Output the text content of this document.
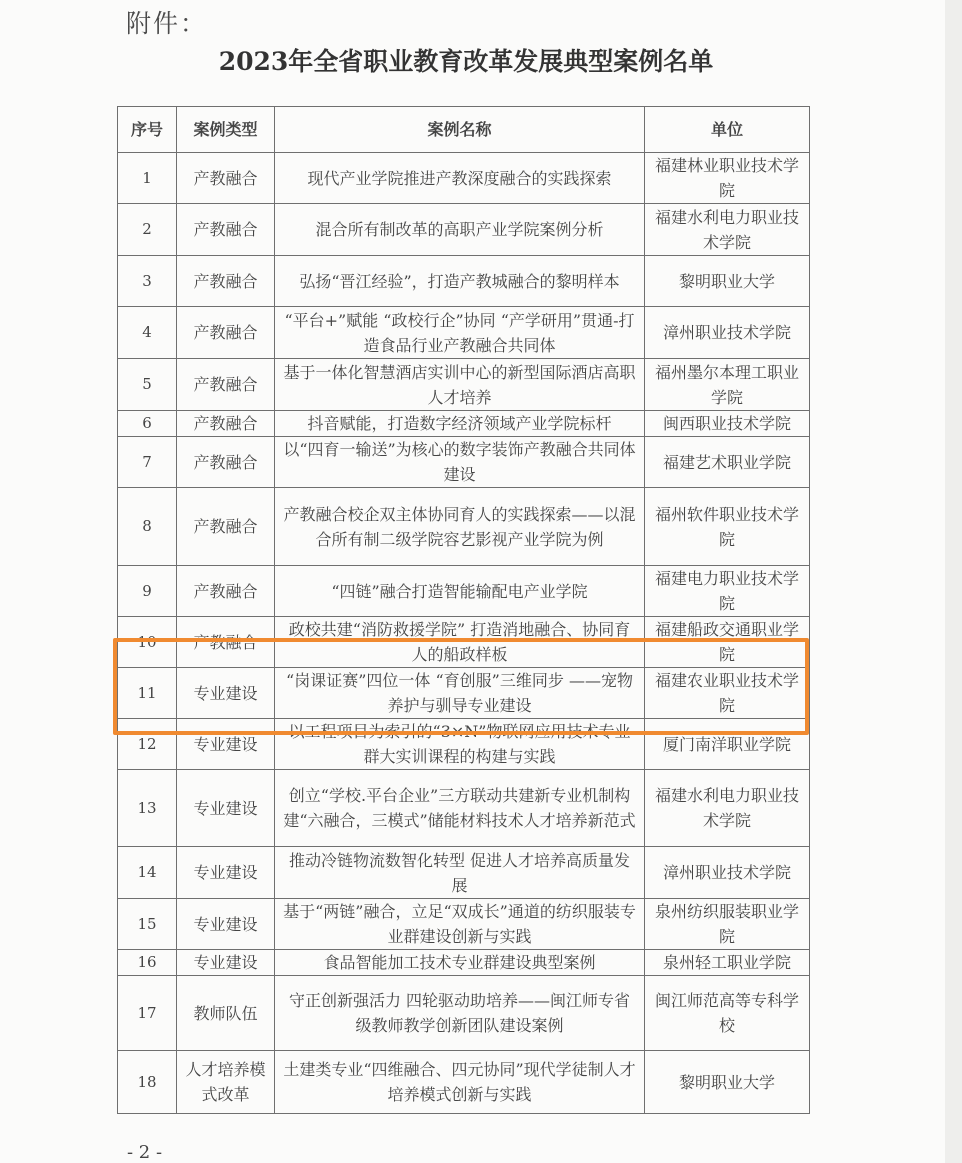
附件：
2023年全省职业教育改革发展典型案例名单
序号	案例类型	案例名称	单位
1	产教融合	现代产业学院推进产教深度融合的实践探索	福建林业职业技术学院
2	产教融合	混合所有制改革的高职产业学院案例分析	福建水利电力职业技术学院
3	产教融合	弘扬“晋江经验”，打造产教城融合的黎明样本	黎明职业大学
4	产教融合	“平台+”赋能 “政校行企”协同 “产学研用”贯通-打造食品行业产教融合共同体	漳州职业技术学院
5	产教融合	基于一体化智慧酒店实训中心的新型国际酒店高职人才培养	福州墨尔本理工职业学院
6	产教融合	抖音赋能，打造数字经济领域产业学院标杆	闽西职业技术学院
7	产教融合	以“四育一输送”为核心的数字装饰产教融合共同体建设	福建艺术职业学院
8	产教融合	产教融合校企双主体协同育人的实践探索——以混合所有制二级学院容艺影视产业学院为例	福州软件职业技术学院
9	产教融合	“四链”融合打造智能输配电产业学院	福建电力职业技术学院
10	产教融合	政校共建“消防救援学院” 打造消地融合、协同育人的船政样板	福建船政交通职业学院
11	专业建设	“岗课证赛”四位一体 “育创服”三维同步 ——宠物养护与驯导专业建设	福建农业职业技术学院
12	专业建设	以工程项目为索引的“3×N”物联网应用技术专业群大实训课程的构建与实践	厦门南洋职业学院
13	专业建设	创立“学校.平台企业”三方联动共建新专业机制构建“六融合，三模式”储能材料技术人才培养新范式	福建水利电力职业技术学院
14	专业建设	推动冷链物流数智化转型 促进人才培养高质量发展	漳州职业技术学院
15	专业建设	基于“两链”融合，立足“双成长”通道的纺织服装专业群建设创新与实践	泉州纺织服装职业学院
16	专业建设	食品智能加工技术专业群建设典型案例	泉州轻工职业学院
17	教师队伍	守正创新强活力 四轮驱动助培养——闽江师专省级教师教学创新团队建设案例	闽江师范高等专科学校
18	人才培养模式改革	土建类专业“四维融合、四元协同”现代学徒制人才培养模式创新与实践	黎明职业大学
- 2 -
